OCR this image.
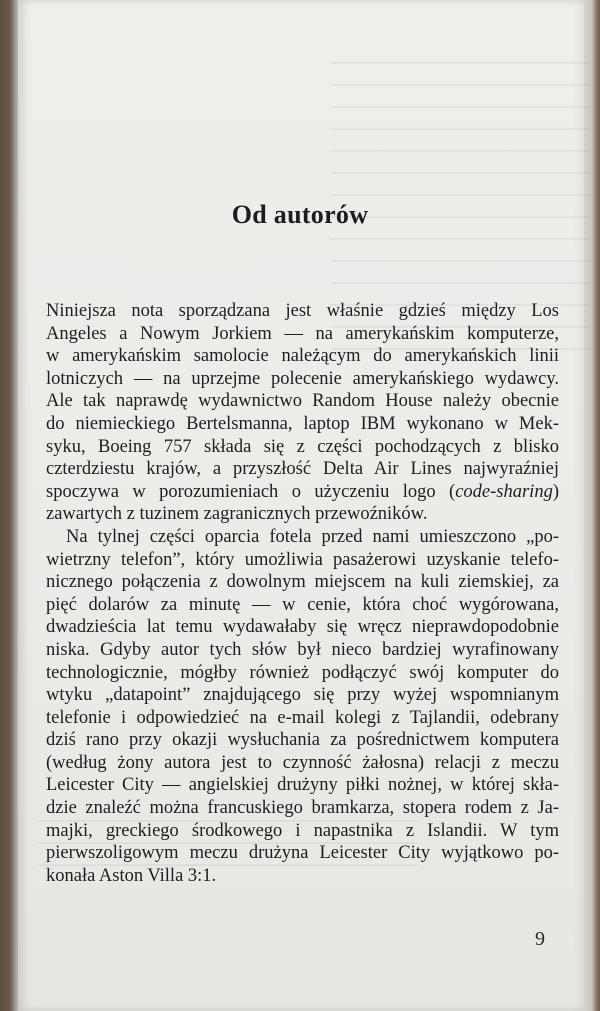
Od autorów

Niniejsza nota sporządzana jest właśnie gdzieś między Los
Angeles a Nowym Jorkiem — na amerykańskim komputerze,
w amerykańskim samolocie należącym do amerykańskich linii
lotniczych — na uprzejme polecenie amerykańskiego wydawcy.
Ale tak naprawdę wydawnictwo Random House należy obecnie
do niemieckiego Bertelsmanna, laptop IBM wykonano w Mek-
syku, Boeing 757 składa się z części pochodzących z blisko
czterdziestu krajów, a przyszłość Delta Air Lines najwyraźniej
spoczywa w porozumieniach o użyczeniu logo (code-sharing)
zawartych z tuzinem zagranicznych przewoźników.

Na tylnej części oparcia fotela przed nami umieszczono „po-
wietrzny telefon”, który umożliwia pasażerowi uzyskanie telefo-
nicznego połączenia z dowolnym miejscem na kuli ziemskiej, za
pięć dolarów za minutę — w cenie, która choć wygórowana,
dwadzieścia lat temu wydawałaby się wręcz nieprawdopodobnie
niska. Gdyby autor tych słów był nieco bardziej wyrafinowany
technologicznie, mógłby również podłączyć swój komputer do
wtyku „datapoint” znajdującego się przy wyżej wspomnianym
telefonie i odpowiedzieć na e-mail kolegi z Tajlandii, odebrany
dziś rano przy okazji wysłuchania za pośrednictwem komputera
(według żony autora jest to czynność żałosna) relacji z meczu
Leicester City — angielskiej drużyny piłki nożnej, w której skła-
dzie znaleźć można francuskiego bramkarza, stopera rodem z Ja-
majki, greckiego środkowego i napastnika z Islandii. W tym
pierwszoligowym meczu drużyna Leicester City wyjątkowo po-
konała Aston Villa 3:1.

9
